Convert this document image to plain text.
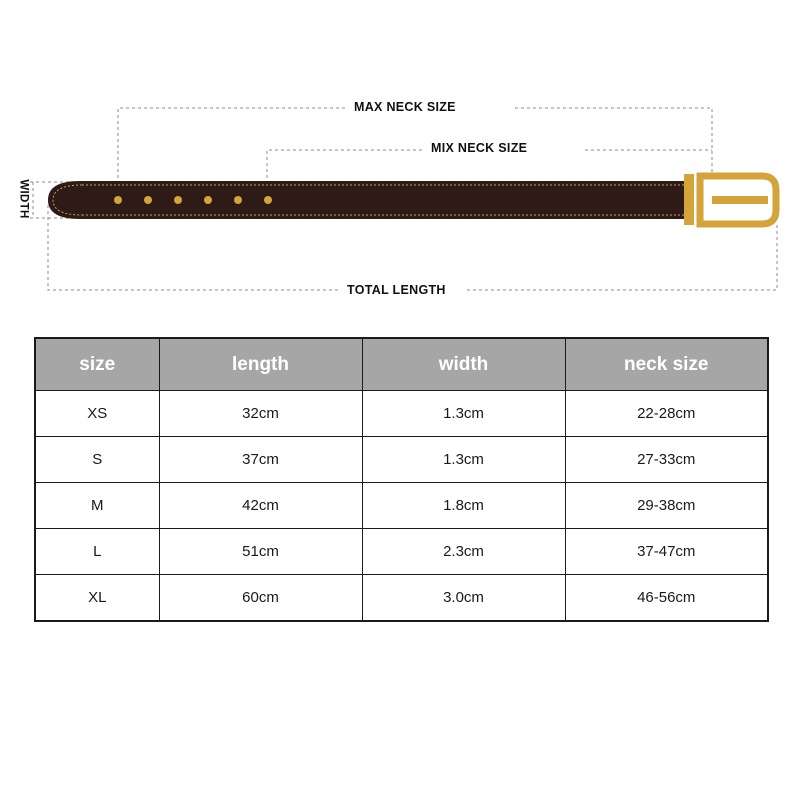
MAX NECK SIZE
MIX NECK SIZE
TOTAL LENGTH
WIDTH
size	length	width	neck size
XS	32cm	1.3cm	22-28cm
S	37cm	1.3cm	27-33cm
M	42cm	1.8cm	29-38cm
L	51cm	2.3cm	37-47cm
XL	60cm	3.0cm	46-56cm
